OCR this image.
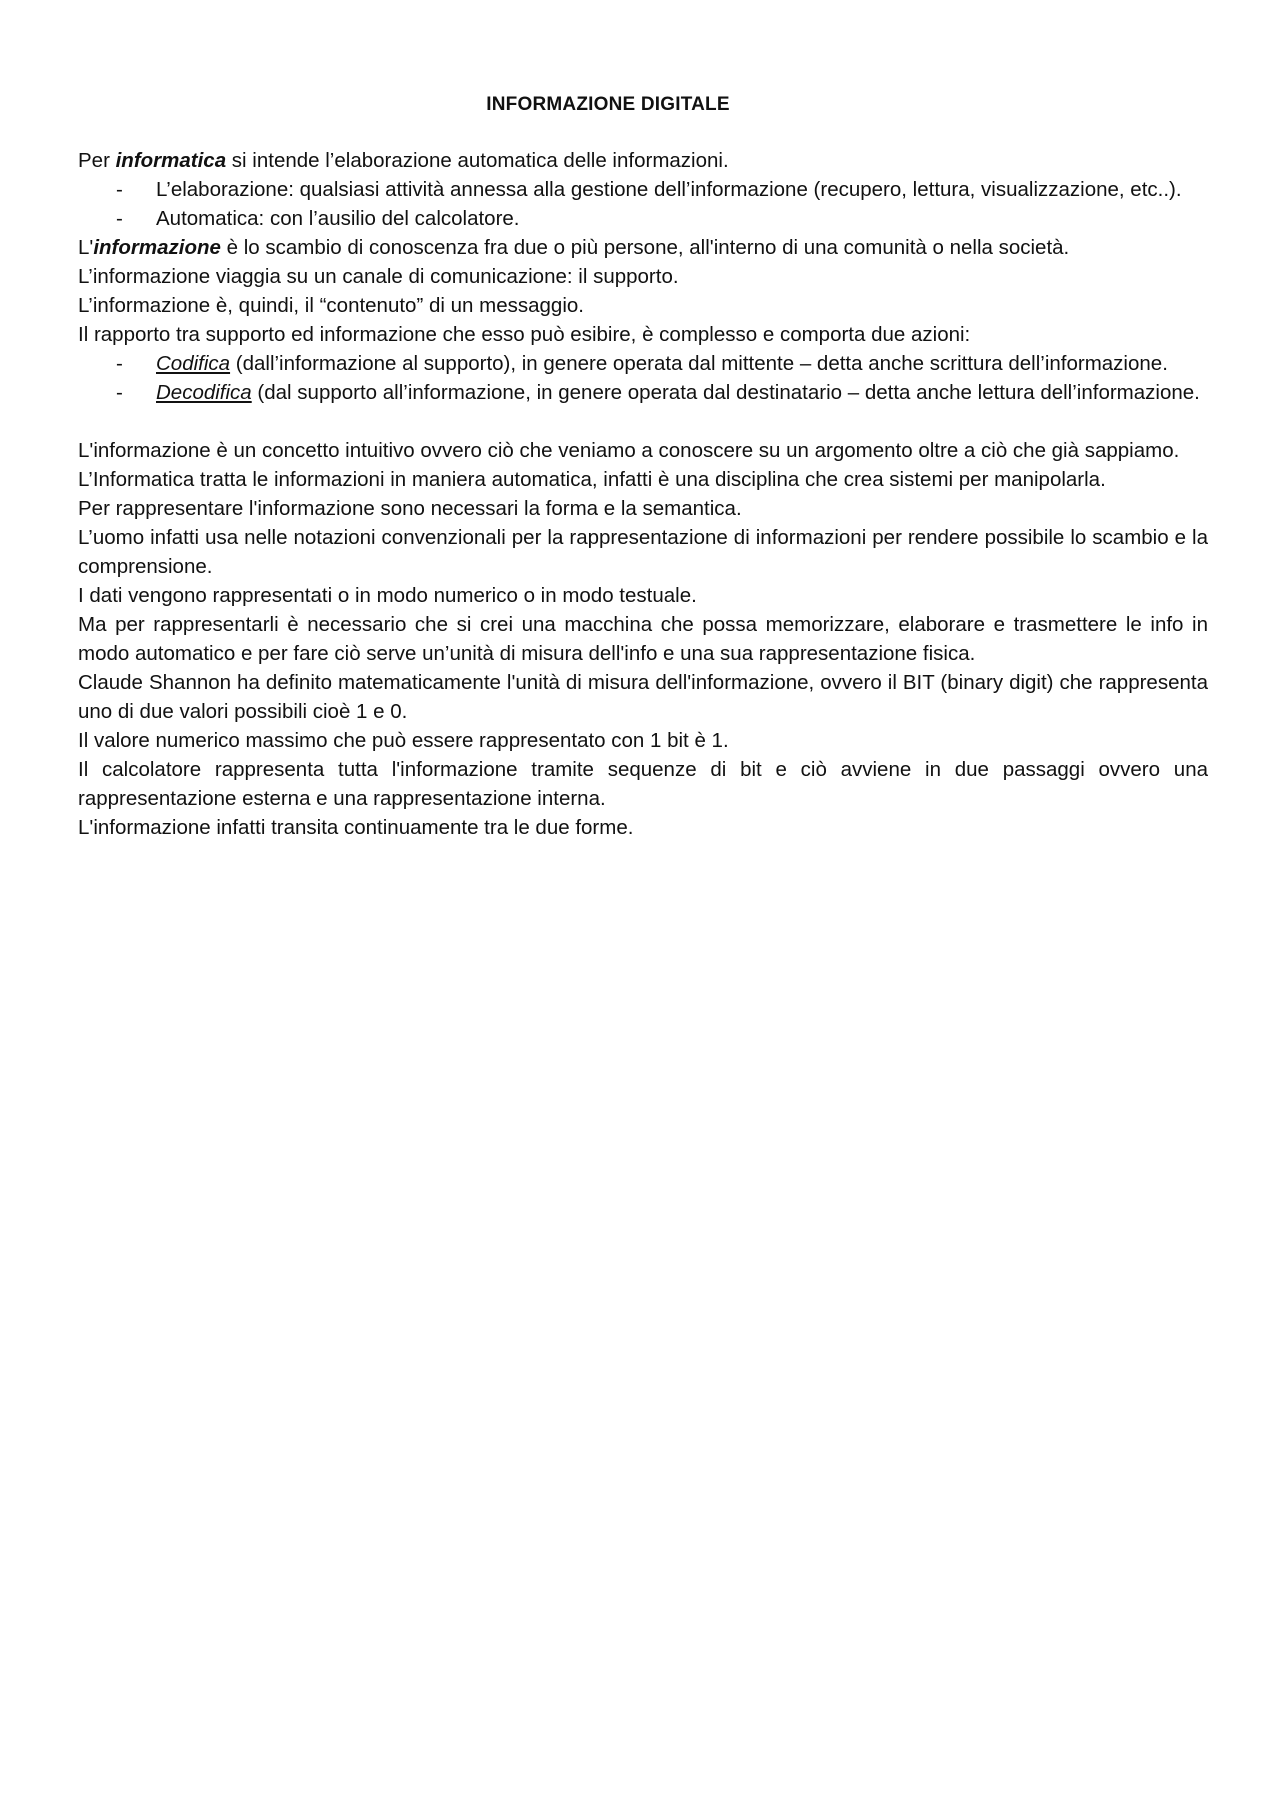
INFORMAZIONE DIGITALE

Per informatica si intende l’elaborazione automatica delle informazioni.

-	L’elaborazione: qualsiasi attività annessa alla gestione dell’informazione (recupero, lettura, visualizzazione, etc..).
-	Automatica: con l’ausilio del calcolatore.

L'informazione è lo scambio di conoscenza fra due o più persone, all'interno di una comunità o nella società.

L’informazione viaggia su un canale di comunicazione: il supporto.

L’informazione è, quindi, il “contenuto” di un messaggio.

Il rapporto tra supporto ed informazione che esso può esibire, è complesso e comporta due azioni:

-	Codifica (dall’informazione al supporto), in genere operata dal mittente – detta anche scrittura dell’informazione.
-	Decodifica (dal supporto all’informazione, in genere operata dal destinatario – detta anche lettura dell’informazione.

L'informazione è un concetto intuitivo ovvero ciò che veniamo a conoscere su un argomento oltre a ciò che già sappiamo.

L’Informatica tratta le informazioni in maniera automatica, infatti è una disciplina che crea sistemi per manipolarla.

Per rappresentare l'informazione sono necessari la forma e la semantica.

L’uomo infatti usa nelle notazioni convenzionali per la rappresentazione di informazioni per rendere possibile lo scambio e la comprensione.

I dati vengono rappresentati o in modo numerico o in modo testuale.

Ma per rappresentarli è necessario che si crei una macchina che possa memorizzare, elaborare e trasmettere le info in modo automatico e per fare ciò serve un’unità di misura dell'info e una sua rappresentazione fisica.

Claude Shannon ha definito matematicamente l'unità di misura dell'informazione, ovvero il BIT (binary digit) che rappresenta uno di due valori possibili cioè 1 e 0.

Il valore numerico massimo che può essere rappresentato con 1 bit è 1.

Il calcolatore rappresenta tutta l'informazione tramite sequenze di bit e ciò avviene in due passaggi ovvero una rappresentazione esterna e una rappresentazione interna.

L'informazione infatti transita continuamente tra le due forme.
